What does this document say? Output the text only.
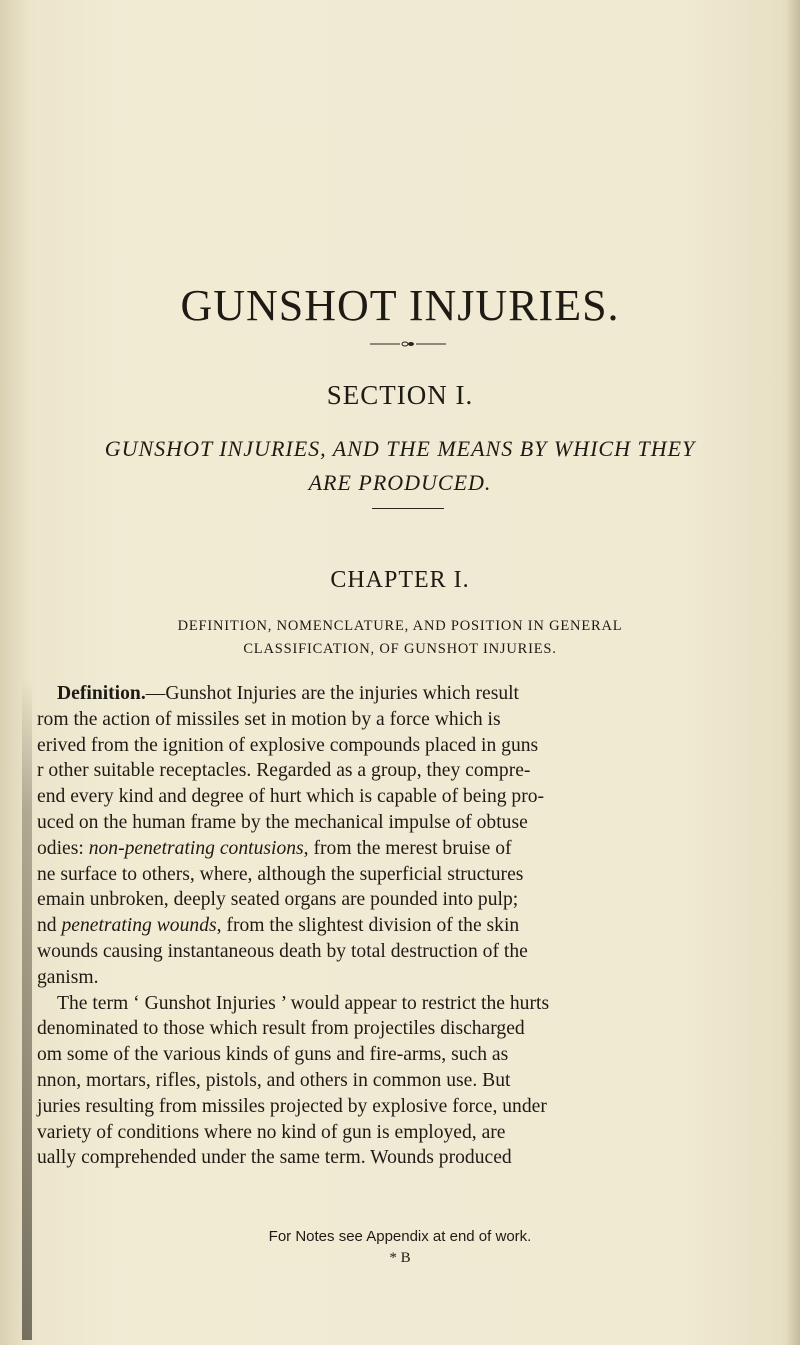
GUNSHOT INJURIES.
SECTION I.
GUNSHOT INJURIES, AND THE MEANS BY WHICH THEY
ARE PRODUCED.
CHAPTER I.
DEFINITION, NOMENCLATURE, AND POSITION IN GENERAL
CLASSIFICATION, OF GUNSHOT INJURIES.
Definition.—Gunshot Injuries are the injuries which result
rom the action of missiles set in motion by a force which is
erived from the ignition of explosive compounds placed in guns
r other suitable receptacles. Regarded as a group, they compre-
end every kind and degree of hurt which is capable of being pro-
uced on the human frame by the mechanical impulse of obtuse
odies: non-penetrating contusions, from the merest bruise of
ne surface to others, where, although the superficial structures
emain unbroken, deeply seated organs are pounded into pulp;
nd penetrating wounds, from the slightest division of the skin
wounds causing instantaneous death by total destruction of the
ganism.
The term ‘ Gunshot Injuries ’ would appear to restrict the hurts
denominated to those which result from projectiles discharged
om some of the various kinds of guns and fire-arms, such as
nnon, mortars, rifles, pistols, and others in common use. But
juries resulting from missiles projected by explosive force, under
variety of conditions where no kind of gun is employed, are
ually comprehended under the same term. Wounds produced
For Notes see Appendix at end of work.
* B
